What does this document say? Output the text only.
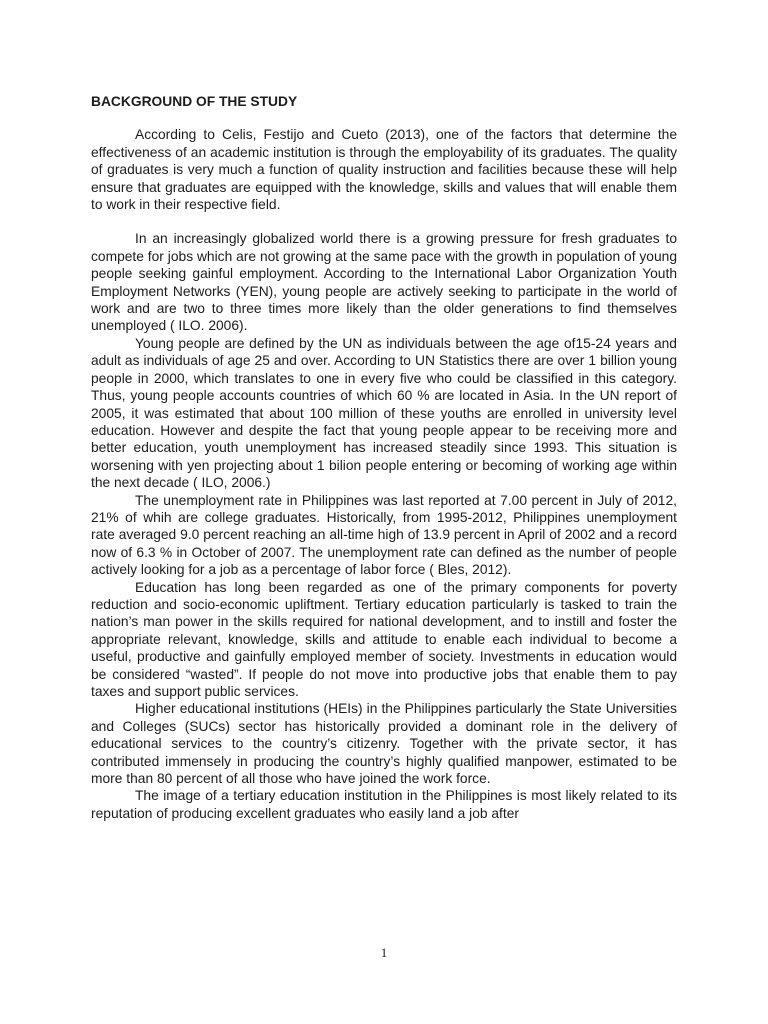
BACKGROUND OF THE STUDY

According to Celis, Festijo and Cueto (2013), one of the factors that determine the effectiveness of an academic institution is through the employability of its graduates. The quality of graduates is very much a function of quality instruction and facilities because these will help ensure that graduates are equipped with the knowledge, skills and values that will enable them to work in their respective field.

In an increasingly globalized world there is a growing pressure for fresh graduates to compete for jobs which are not growing at the same pace with the growth in population of young people seeking gainful employment. According to the International Labor Organization Youth Employment Networks (YEN), young people are actively seeking to participate in the world of work and are two to three times more likely than the older generations to find themselves unemployed ( ILO. 2006).

Young people are defined by the UN as individuals between the age of15-24 years and adult as individuals of age 25 and over. According to UN Statistics there are over 1 billion young people in 2000, which translates to one in every five who could be classified in this category. Thus, young people accounts countries of which 60 % are located in Asia. In the UN report of 2005, it was estimated that about 100 million of these youths are enrolled in university level education. However and despite the fact that young people appear to be receiving more and better education, youth unemployment has increased steadily since 1993. This situation is worsening with yen projecting about 1 bilion people entering or becoming of working age within the next decade ( ILO, 2006.)

The unemployment rate in Philippines was last reported at 7.00 percent in July of 2012, 21% of whih are college graduates. Historically, from 1995-2012, Philippines unemployment rate averaged 9.0 percent reaching an all-time high of 13.9 percent in April of 2002 and a record now of 6.3 % in October of 2007. The unemployment rate can defined as the number of people actively looking for a job as a percentage of labor force ( Bles, 2012).

Education has long been regarded as one of the primary components for poverty reduction and socio-economic upliftment. Tertiary education particularly is tasked to train the nation’s man power in the skills required for national development, and to instill and foster the appropriate relevant, knowledge, skills and attitude to enable each individual to become a useful, productive and gainfully employed member of society. Investments in education would be considered “wasted”. If people do not move into productive jobs that enable them to pay taxes and support public services.

Higher educational institutions (HEIs) in the Philippines particularly the State Universities and Colleges (SUCs) sector has historically provided a dominant role in the delivery of educational services to the country’s citizenry. Together with the private sector, it has contributed immensely in producing the country’s highly qualified manpower, estimated to be more than 80 percent of all those who have joined the work force.

The image of a tertiary education institution in the Philippines is most likely related to its reputation of producing excellent graduates who easily land a job after

1
